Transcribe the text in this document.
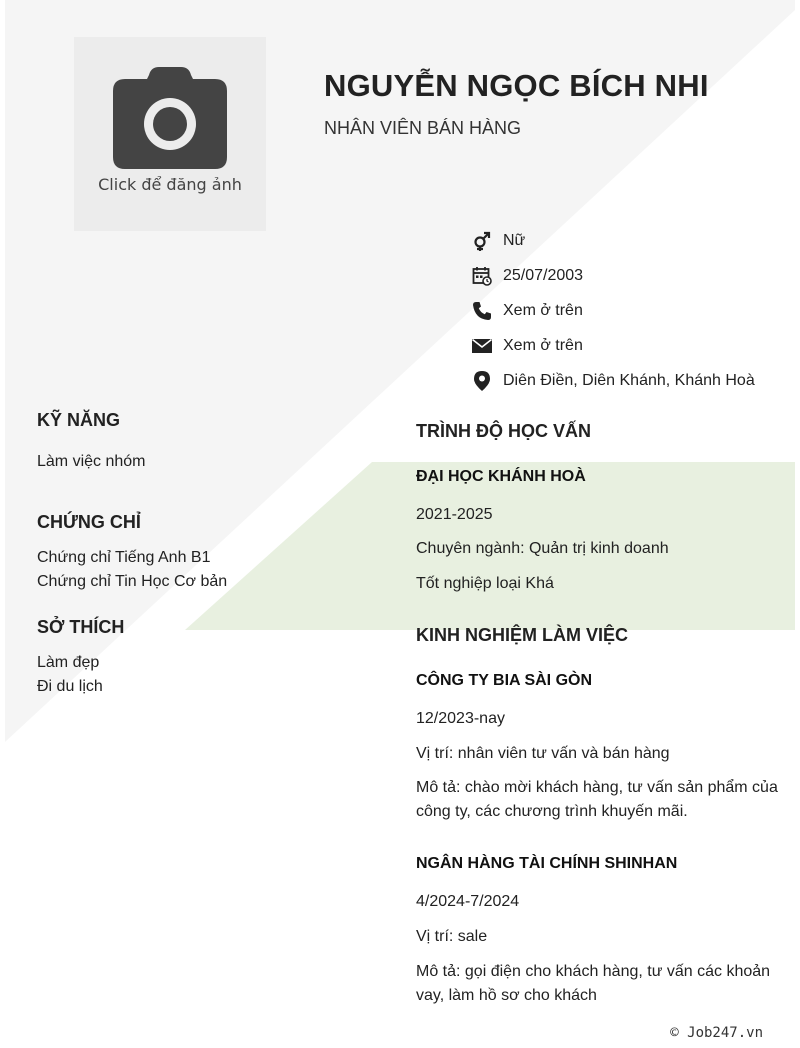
Click để đăng ảnh
NGUYỄN NGỌC BÍCH NHI
NHÂN VIÊN BÁN HÀNG
Nữ
25/07/2003
Xem ở trên
Xem ở trên
Diên Điền, Diên Khánh, Khánh Hoà
KỸ NĂNG
Làm việc nhóm
CHỨNG CHỈ
Chứng chỉ Tiếng Anh B1
Chứng chỉ Tin Học Cơ bản
SỞ THÍCH
Làm đẹp
Đi du lịch
TRÌNH ĐỘ HỌC VẤN
ĐẠI HỌC KHÁNH HOÀ
2021-2025
Chuyên ngành: Quản trị kinh doanh
Tốt nghiệp loại Khá
KINH NGHIỆM LÀM VIỆC
CÔNG TY BIA SÀI GÒN
12/2023-nay
Vị trí: nhân viên tư vấn và bán hàng
Mô tả: chào mời khách hàng, tư vấn sản phẩm của công ty, các chương trình khuyến mãi.
NGÂN HÀNG TÀI CHÍNH SHINHAN
4/2024-7/2024
Vị trí: sale
Mô tả: gọi điện cho khách hàng, tư vấn các khoản vay, làm hồ sơ cho khách
© Job247.vn
